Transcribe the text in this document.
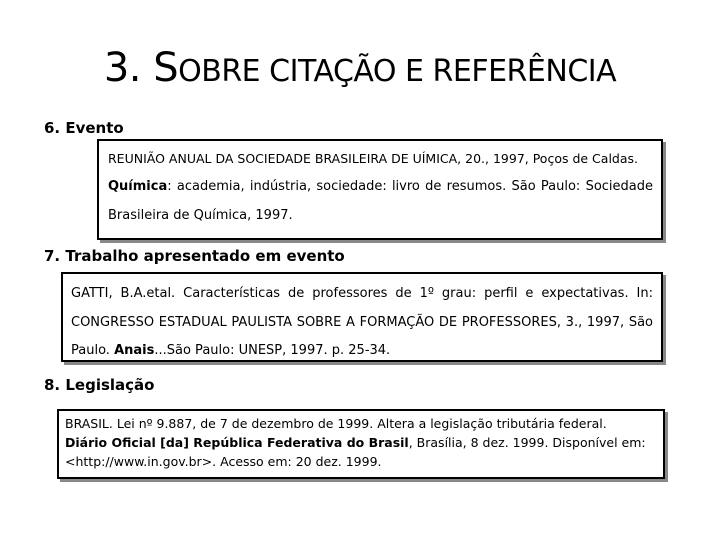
3. SOBRE CITAÇÃO E REFERÊNCIA
6. Evento
REUNIÃO ANUAL DA SOCIEDADE BRASILEIRA DE UÍMICA, 20., 1997, Poços de Caldas.
Química: academia, indústria, sociedade: livro de resumos. São Paulo: Sociedade
Brasileira de Química, 1997.
7. Trabalho apresentado em evento
GATTI, B.A.etal. Características de professores de 1º grau: perfil e expectativas. In:
CONGRESSO ESTADUAL PAULISTA SOBRE A FORMAÇÃO DE PROFESSORES, 3., 1997, São
Paulo. Anais...São Paulo: UNESP, 1997. p. 25-34.
8. Legislação
BRASIL. Lei nº 9.887, de 7 de dezembro de 1999. Altera a legislação tributária federal.
Diário Oficial [da] República Federativa do Brasil, Brasília, 8 dez. 1999. Disponível em:
<http://www.in.gov.br>. Acesso em: 20 dez. 1999.
